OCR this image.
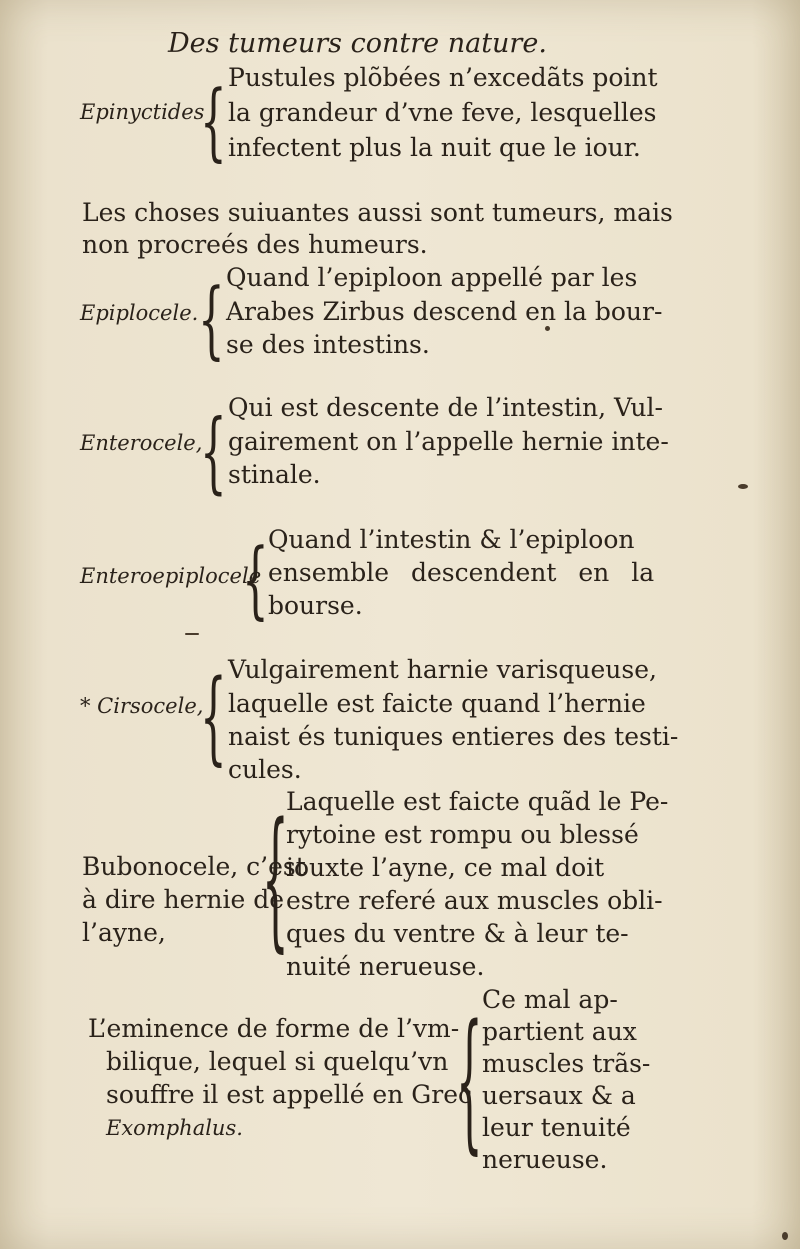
Des tumeurs contre nature.
Epinyctides
{ Pustules plõbées n’excedãts point
la grandeur d’vne feve, lesquelles
infectent plus la nuit que le iour.
Les choses suiuantes aussi sont tumeurs, mais
non procreés des humeurs.
Epiplocele. { Quand l’epiploon appellé par les
Arabes Zirbus descend en la bour-
se des intestins.
Enterocele,
{ Qui est descente de l’intestin, Vul-
gairement on l’appelle hernie inte-
stinale.
Enteroepiplocele
{ Quand l’intestin & l’epiploon
ensemble descendent en la
bourse.
* Cirsocele,
{ Vulgairement harnie varisqueuse,
laquelle est faicte quand l’hernie
naist és tuniques entieres des testi-
cules.
Bubonocele, c’est
à dire hernie de
l’ayne, {
Laquelle est faicte quãd le Pe-
rytoine est rompu ou blessé
iouxte l’ayne, ce mal doit
estre referé aux muscles obli-
ques du ventre & à leur te-
nuité nerueuse.
L’eminence de forme de l’vm-
bilique, lequel si quelqu’vn
souffre il est appellé en Grec
Exomphalus.	{ Ce mal ap-
partient aux
muscles trãs-
uersaux & a
leur tenuité
nerueuse.
